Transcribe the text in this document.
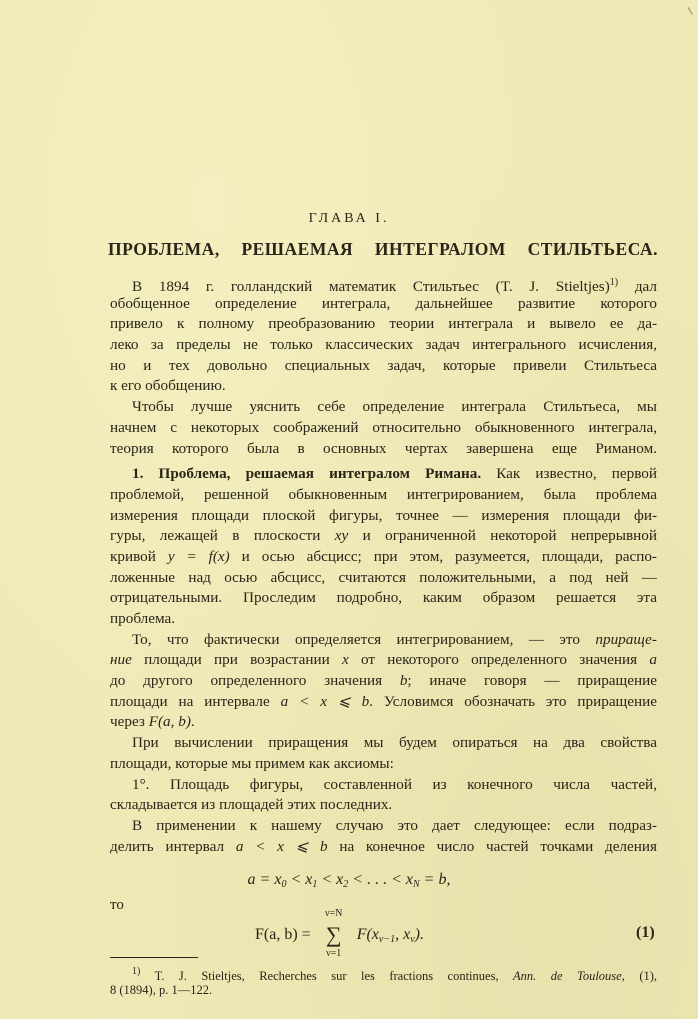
ГЛАВА I.
ПРОБЛЕМА, РЕШАЕМАЯ ИНТЕГРАЛОМ СТИЛЬТЬЕСА.
В 1894 г. голландский математик Стильтьес (T. J. Stieltjes)$^{1)}$ дал
обобщенное определение интеграла, дальнейшее развитие которого
привело к полному преобразованию теории интеграла и вывело ее да-
леко за пределы не только классических задач интегрального исчисления,
но и тех довольно специальных задач, которые привели Стильтьеса
к его обобщению.
Чтобы лучше уяснить себе определение интеграла Стильтьеса, мы
начнем с некоторых соображений относительно обыкновенного интеграла,
теория которого была в основных чертах завершена еще Риманом.
1. Проблема, решаемая интегралом Римана. Как известно, первой
проблемой, решенной обыкновенным интегрированием, была проблема
измерения площади плоской фигуры, точнее — измерения площади фи-
гуры, лежащей в плоскости xy и ограниченной некоторой непрерывной
кривой y = f(x) и осью абсцисс; при этом, разумеется, площади, распо-
ложенные над осью абсцисс, считаются положительными, а под ней —
отрицательными. Проследим подробно, каким образом решается эта
проблема.
То, что фактически определяется интегрированием, — это прираще-
ние площади при возрастании x от некоторого определенного значения a
до другого определенного значения b; иначе говоря — приращение
площади на интервале a < x ⩽ b. Условимся обозначать это приращение
через F(a, b).
При вычислении приращения мы будем опираться на два свойства
площади, которые мы примем как аксиомы:
1°. Площадь фигуры, составленной из конечного числа частей,
складывается из площадей этих последних.
В применении к нашему случаю это дает следующее: если подраз-
делить интервал a < x ⩽ b на конечное число частей точками деления
a = x0 < x1 < x2 < . . . < xN = b,
то
F(a, b) =
ν=N
∑
ν=1
F(xν−1, xν).	(1)
$^{1)}$ T. J. Stieltjes, Recherches sur les fractions continues, Ann. de Toulouse, (1),
8 (1894), p. 1—122.
